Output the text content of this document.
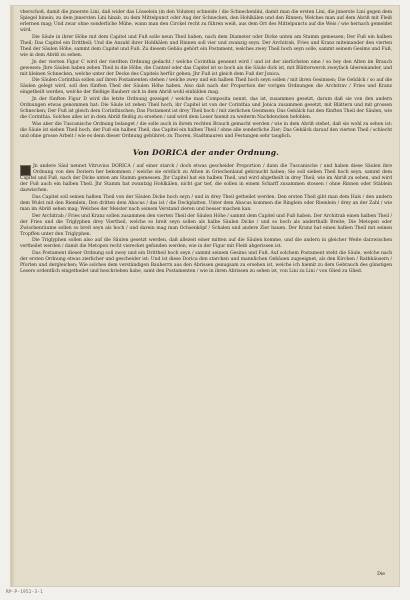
vberschoß, damit die jnnerste Lini, daß wider das Lösselein (in den Voluten) schneide / die Schneckenlini, damit man die ersten Lini, die jnnerste Lini gegen dem Spiegel hinein; zu dem jnnersten Lini hinab, zu dem Mittelpunct oder Aug der Schnecken, den Hohlkälen und den Rinnen; Welches man auf dem Abriß mit Fleiß erlernen mag; Und zwar ohne sonderliche Mühe, wann man den Circkel recht zu führen weiß, aus dem Ort des Mittelpuncts auf die Weis / wie hernach gemeldet wird.

Die Säule in ihrer Höhe mit dem Capitel und Fuß solle neun Theil haben, nach dem Diameter oder Dicke unten am Stamm gemessen; Der Fuß ein halben Theil; Das Capitel ein Drittheil; Und die Anzahl ihrer Hohlkälen und Rinnen soll vier und zwanzig seyn. Der Architrab, Fries und Kranz miteinander den vierten Theil der Säulen Höhe, sammt dem Capitel und Fuß. Zu diesem Gebäu gehört ein Postament, welches zwey Theil hoch seyn solle, sammt seinem Gesims und Fuß, wie in dem Abriß zu sehen.

Jn der vierten Figur C wird der vierdten Ordnung gedacht / welche Corinthia genennt wird / und ist der zierlichsten eine / so bey den Alten im Brauch gewesen: Jhre Säulen haben zehen Theil in die Höhe, die Cantzel oder das Capitel ist so hoch als die Säule dick ist, mit Blätterwerck zweyfach übereinander, und mit kleinen Schnecken, welche unter der Decke des Capitels herfür gehen; Jhr Fuß ist gleich dem Fuß der Jonica.

Die Säulen Corinthia sollen auf ihren Postamenten stehen / welche zwey und ein halben Theil hoch seyn sollen / mit ihren Gesimsen; Die Gebälck / so auf die Säulen gelegt wird, soll den fünften Theil der Säulen Höhe haben. Also daß nach der Proportion der vorigen Ordnungen die Architrav / Fries und Kranz eingetheilt werden, welche der fleißige Bauherr sich in dem Abriß wohl einbilden mag.

Jn der fünften Figur D wird die letzte Ordnung gezeiget / welche man Composita nennt, das ist, zusammen gesetzt, darum daß sie von den andern Ordnungen etwas genommen hat: Die Säule ist zehen Theil hoch, ihr Capitel ist von der Corinthia und Jonica zusammen gesetzt, mit Blättern und mit grossen Schnecken; Der Fuß ist gleich dem Corinthischen; Das Postament ist drey Theil hoch / mit zierlichen Gesimsen; Das Gebälck hat den fünften Theil der Säulen, wie die Corinthia. Solches alles ist in dem Abriß fleißig zu ersehen / und wird dem Leser hiemit zu weiterm Nachdencken befohlen.

Was aber die Tuscanische Ordnung belanget / die solle auch in ihrem rechten Brauch gemacht werden / wie in dem Abriß stehet, daß sie wohl zu sehen ist: die Säule ist sieben Theil hoch, der Fuß ein halben Theil, das Capitel ein halben Theil / ohne alle sonderliche Zier; Das Gebälck darauf den vierten Theil / schlecht und ohne grosse Arbeit / wie es denn dieser Ordnung gebühret; zu Thoren, Stadtmauren und Festungen sehr tauglich.

Von DORICA der ander Ordnung.

Jn andere Säul nennet Vitruvius DORICA / auf einer starck / doch etwas gescheider Proportion / dann die Tuscanische / und haben diese Säulen ihre Ordnung von den Doriern her bekommen / welche sie erstlich zu Athen in Griechenland gebraucht haben; Sie soll sieben Theil hoch seyn, sammt dem Capitel und Fuß, nach der Dicke unten am Stamm gemessen. Jhr Capitel hat ein halben Theil, und wird abgetheilt in drey Theil, wie im Abriß zu sehen, und wird der Fuß auch ein halben Theil. Jhr Stamm hat zwantzig Hohlkälen, nicht gar tief, die sollen in einem Scharff zusammen stossen / ohne Rinnen oder Stäblein dazwischen.

Das Capitel soll seinen halben Theil von der Säulen Dicke hoch seyn / und in drey Theil getheilet werden. Den ersten Theil gibt man dem Hals / den andern dem Wulst mit den Riemlein; Den dritten dem Abacus / das ist / die Deckplatten. Unter dem Abacus kommen die Ringlein oder Riemlein / drey an der Zahl / wie man im Abriß sehen mag; Welches der Meister nach seinem Verstand zieren und besser machen kan.

Der Architrab / Fries und Kranz sollen zusammen den vierten Theil der Säulen Höhe / sammt dem Capitel und Fuß haben. Der Architrab einen halben Theil / der Fries und die Triglyphen drey Viertheil, welche so breit seyn sollen als halbe Säulen Dicke / und so hoch als anderthalb Breite; Die Metopen oder Zwischenräume sollen so breit seyn als hoch / und darein mag man Ochsenköpf / Schalen und andere Zier hauen. Der Kranz hat einen halben Theil mit seinen Tropffen unter den Triglyphen.

Die Triglyphen sollen also auf die Säulen gesetzt werden, daß allezeit einer mitten auf die Säulen komme, und die andern in gleicher Weite darzwischen vertheilet werden / damit die Metopen recht vierecket gefunden werden; wie in der Figur mit Fleiß abgerissen ist.

Das Postament dieser Ordnung soll zwey und ein Drittheil hoch seyn / sammt seinem Gesims und Fuß. Auf solchem Postament steht die Säule, welche nach der ersten Ordnung etwas zierlicher und gescheider ist: Und ist diese Dorica den starcken und mannlichen Gebäuen zugeeignet, als den Kirchen / Rathhäusern / Pforten und dergleichen; Wie solches dem verständigen Bauherrn aus den Abrissen genugsam zu ersehen ist, welche ich hiemit zu dem Gebrauch des günstigen Lesers ordentlich eingetheilet und beschrieben habe, samt den Postamenten / wie in ihren Abrissen zu sehen ist, von Lini zu Lini / von Glied zu Glied.

Die
RP-P-1952-3-1
